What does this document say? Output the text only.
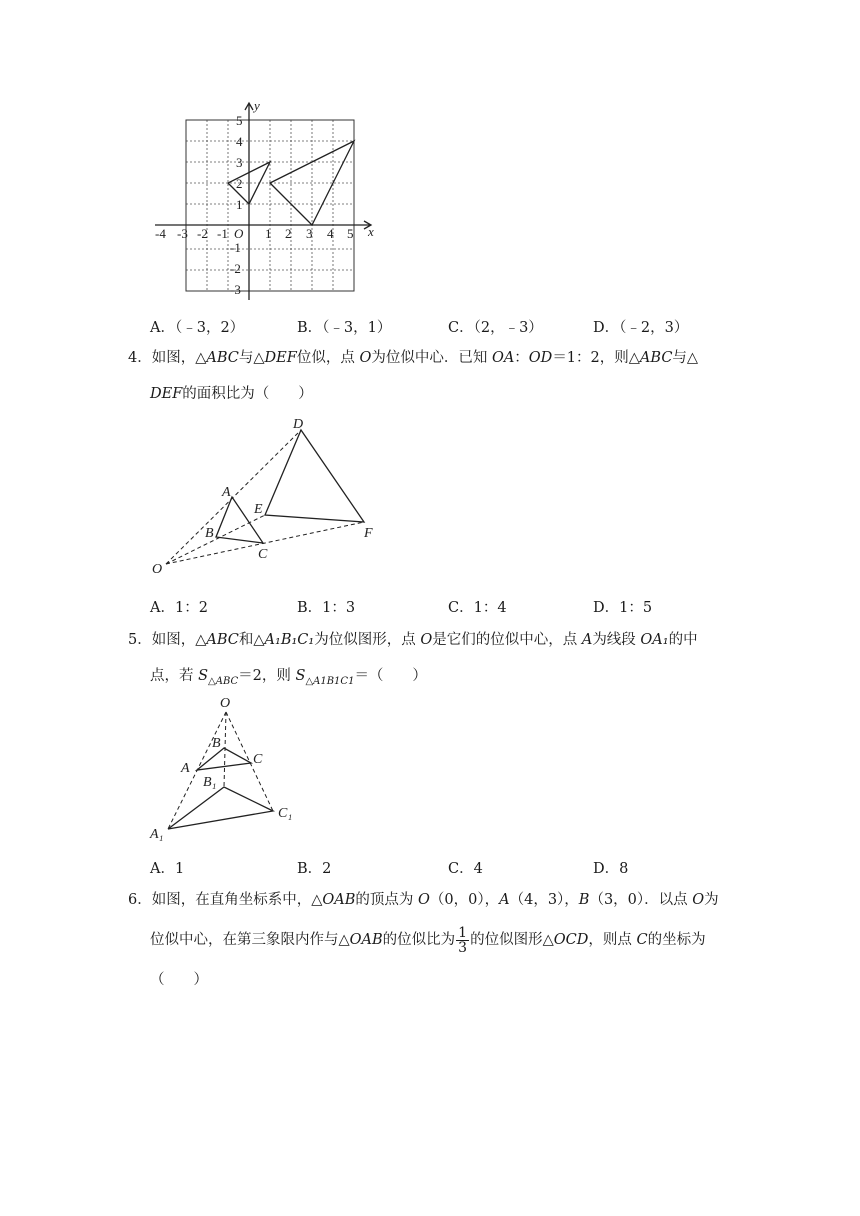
-4 -3 -2 -1	1 2 3 4 5
5
4
3
2
1
-1
-2
-3
O	x
y
A．（﹣3，2）	B．（﹣3，1）	C．（2，﹣3）	D．（﹣2，3）
4．如图，△ABC与△DEF位似，点 O为位似中心．已知 OA：OD＝1：2，则△ABC与△
DEF的面积比为（　　）
D
A
E
B
C
F
O
A．1：2	B．1：3	C．1：4	D．1：5
5．如图，△ABC和△A₁B₁C₁为位似图形，点 O是它们的位似中心，点 A为线段 OA₁的中
点，若 $S_{\triangle ABC}=2$，则 $S_{\triangle A1B1C1}=$（　　）
O
B
A
C
B₁
C₁
A₁
A．1	B．2	C．4	D．8
6．如图，在直角坐标系中，△OAB的顶点为 O（0，0），A（4，3），B（3，0）．以点 O为
位似中心，在第三象限内作与△OAB的位似比为 $\frac{1}{3}$ 的位似图形△OCD，则点 C的坐标为
（　　）
